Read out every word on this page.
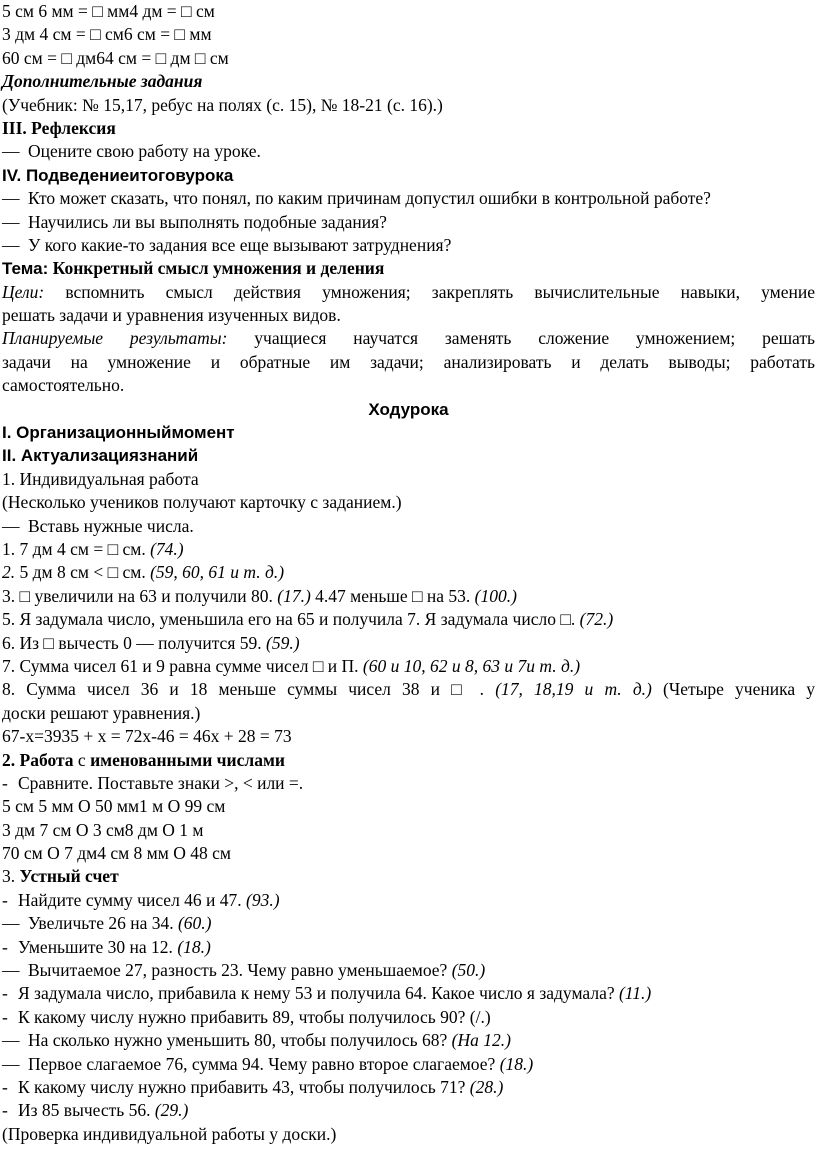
5 см 6 мм = □ мм4 дм = □ см
3 дм 4 см = □ см6 см = □ мм
60 см = □ дм64 см = □ дм □ см
Дополнительные задания
(Учебник: № 15,17, ребус на полях (с. 15), № 18-21 (с. 16).)
III. Рефлексия
— Оцените свою работу на уроке.
IV. Подведениеитоговурока
— Кто может сказать, что понял, по каким причинам допустил ошибки в контрольной работе?
— Научились ли вы выполнять подобные задания?
— У кого какие-то задания все еще вызывают затруднения?
Тема: Конкретный смысл умножения и деления
Цели: вспомнить смысл действия умножения; закреплять вычислительные навыки, умение
решать задачи и уравнения изученных видов.
Планируемые результаты: учащиеся научатся заменять сложение умножением; решать
задачи на умножение и обратные им задачи; анализировать и делать выводы; работать
самостоятельно.
Ходурока
I. Организационныймомент
II. Актуализациязнаний
1. Индивидуальная работа
(Несколько учеников получают карточку с заданием.)
— Вставь нужные числа.
1. 7 дм 4 см = □ см. (74.)
2. 5 дм 8 см < □ см. (59, 60, 61 и т. д.)
3. □ увеличили на 63 и получили 80. (17.) 4.47 меньше □ на 53. (100.)
5. Я задумала число, уменьшила его на 65 и получила 7. Я задумала число □. (72.)
6. Из □ вычесть 0 — получится 59. (59.)
7. Сумма чисел 61 и 9 равна сумме чисел □ и П. (60 и 10, 62 и 8, 63 и 7и т. д.)
8. Сумма чисел 36 и 18 меньше суммы чисел 38 и □ . (17, 18,19 и т. д.) (Четыре ученика у
доски решают уравнения.)
67-х=3935 + х = 72х-46 = 46х + 28 = 73
2. Работа с именованными числами
- Сравните. Поставьте знаки >, < или =.
5 см 5 мм О 50 мм1 м О 99 см
3 дм 7 см О 3 см8 дм О 1 м
70 см О 7 дм4 см 8 мм О 48 см
3. Устный счет
- Найдите сумму чисел 46 и 47. (93.)
— Увеличьте 26 на 34. (60.)
- Уменьшите 30 на 12. (18.)
— Вычитаемое 27, разность 23. Чему равно уменьшаемое? (50.)
- Я задумала число, прибавила к нему 53 и получила 64. Какое число я задумала? (11.)
- К какому числу нужно прибавить 89, чтобы получилось 90? (/.)
— На сколько нужно уменьшить 80, чтобы получилось 68? (На 12.)
— Первое слагаемое 76, сумма 94. Чему равно второе слагаемое? (18.)
- К какому числу нужно прибавить 43, чтобы получилось 71? (28.)
- Из 85 вычесть 56. (29.)
(Проверка индивидуальной работы у доски.)
